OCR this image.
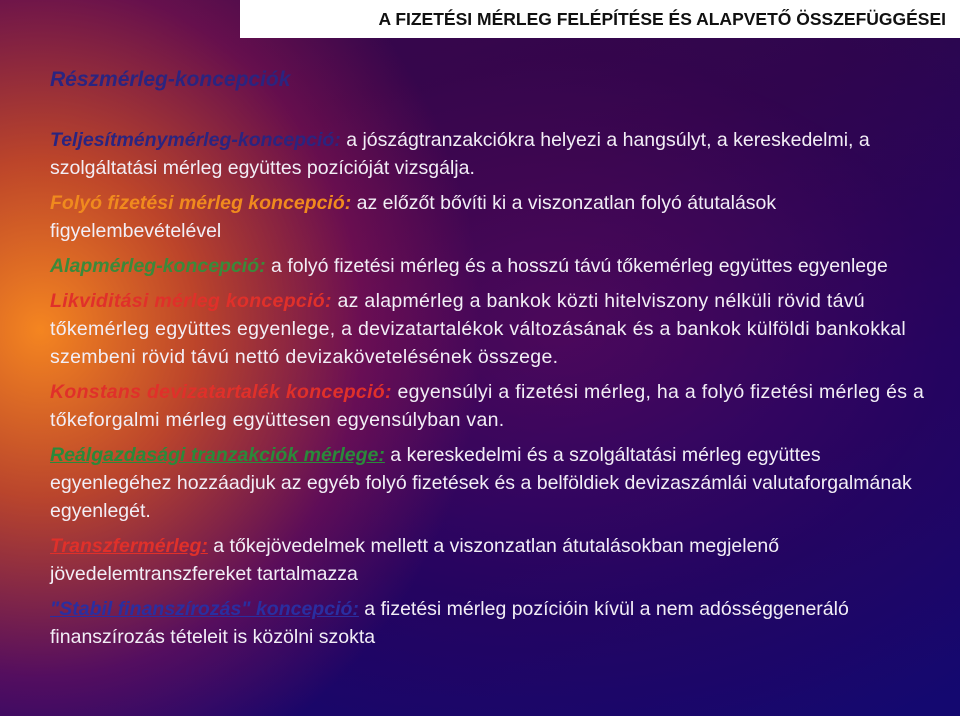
A FIZETÉSI MÉRLEG FELÉPÍTÉSE ÉS ALAPVETŐ ÖSSZEFÜGGÉSEI
Részmérleg-koncepciók

Teljesítménymérleg-koncepció: a jószágtranzakciókra helyezi a hangsúlyt, a kereskedelmi, a szolgáltatási mérleg együttes pozícióját vizsgálja.

Folyó fizetési mérleg koncepció: az előzőt bővíti ki a viszonzatlan folyó átutalások figyelembevételével

Alapmérleg-koncepció: a folyó fizetési mérleg és a hosszú távú tőkemérleg együttes egyenlege

Likviditási mérleg koncepció: az alapmérleg a bankok közti hitelviszony nélküli rövid távú tőkemérleg együttes egyenlege, a devizatartalékok változásának és a bankok külföldi bankokkal szembeni rövid távú nettó devizakövetelésének összege.

Konstans devizatartalék koncepció: egyensúlyi a fizetési mérleg, ha a folyó fizetési mérleg és a tőkeforgalmi mérleg együttesen egyensúlyban van.

Reálgazdasági tranzakciók mérlege: a kereskedelmi és a szolgáltatási mérleg együttes egyenlegéhez hozzáadjuk az egyéb folyó fizetések és a belföldiek devizaszámlái valutaforgalmának egyenlegét.

Transzfermérleg: a tőkejövedelmek mellett a viszonzatlan átutalásokban megjelenő jövedelemtranszfereket tartalmazza

"Stabil finanszírozás" koncepció: a fizetési mérleg pozícióin kívül a nem adósséggeneráló finanszírozás tételeit is közölni szokta
